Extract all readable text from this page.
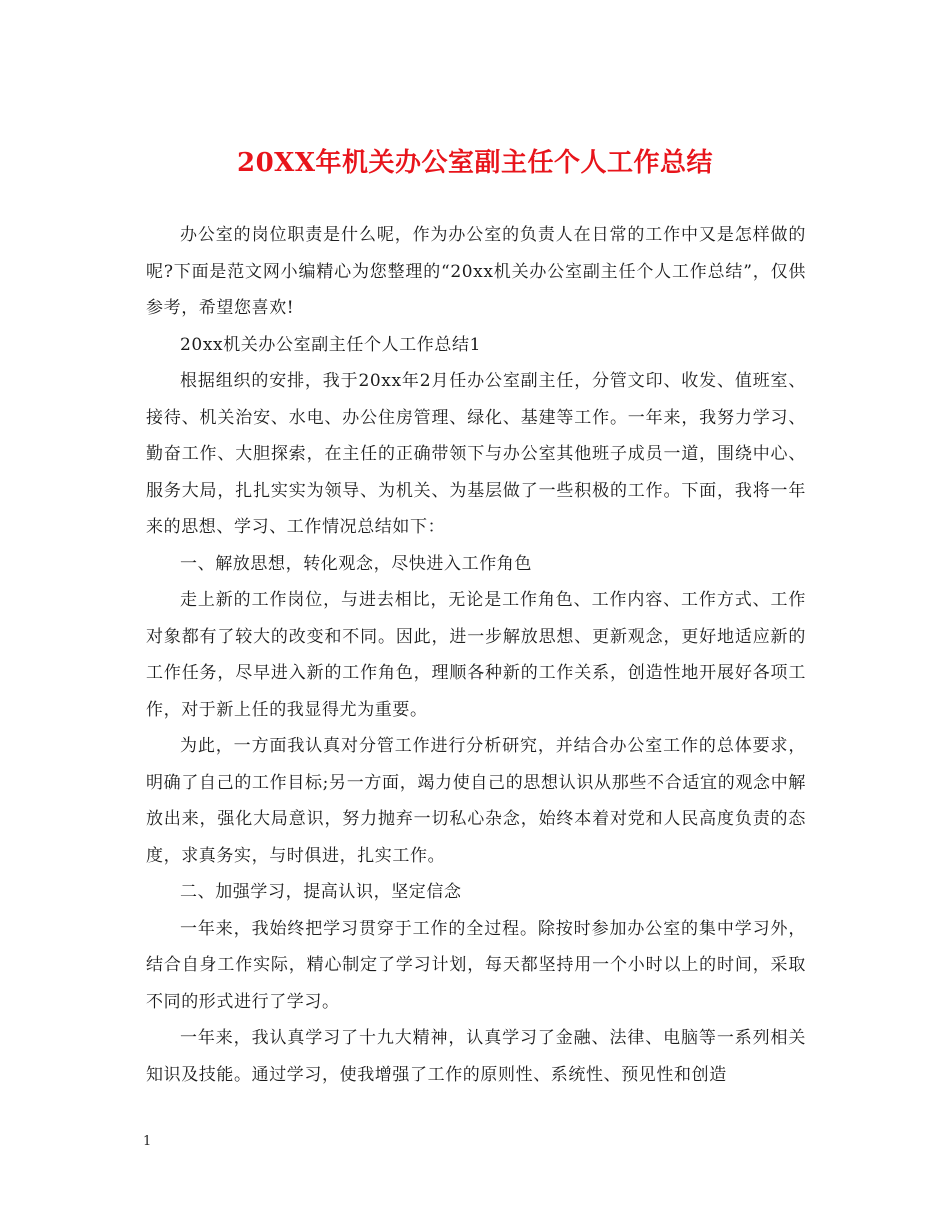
20XX年机关办公室副主任个人工作总结

办公室的岗位职责是什么呢，作为办公室的负责人在日常的工作中又是怎样做的呢?下面是范文网小编精心为您整理的“20xx机关办公室副主任个人工作总结”，仅供参考，希望您喜欢!

20xx机关办公室副主任个人工作总结1

根据组织的安排，我于20xx年2月任办公室副主任，分管文印、收发、值班室、接待、机关治安、水电、办公住房管理、绿化、基建等工作。一年来，我努力学习、勤奋工作、大胆探索，在主任的正确带领下与办公室其他班子成员一道，围绕中心、服务大局，扎扎实实为领导、为机关、为基层做了一些积极的工作。下面，我将一年来的思想、学习、工作情况总结如下：

一、解放思想，转化观念，尽快进入工作角色

走上新的工作岗位，与进去相比，无论是工作角色、工作内容、工作方式、工作对象都有了较大的改变和不同。因此，进一步解放思想、更新观念，更好地适应新的工作任务，尽早进入新的工作角色，理顺各种新的工作关系，创造性地开展好各项工作，对于新上任的我显得尤为重要。

为此，一方面我认真对分管工作进行分析研究，并结合办公室工作的总体要求，明确了自己的工作目标;另一方面，竭力使自己的思想认识从那些不合适宜的观念中解放出来，强化大局意识，努力抛弃一切私心杂念，始终本着对党和人民高度负责的态度，求真务实，与时俱进，扎实工作。

二、加强学习，提高认识，坚定信念

一年来，我始终把学习贯穿于工作的全过程。除按时参加办公室的集中学习外，结合自身工作实际，精心制定了学习计划，每天都坚持用一个小时以上的时间，采取不同的形式进行了学习。

一年来，我认真学习了十九大精神，认真学习了金融、法律、电脑等一系列相关知识及技能。通过学习，使我增强了工作的原则性、系统性、预见性和创造

1
